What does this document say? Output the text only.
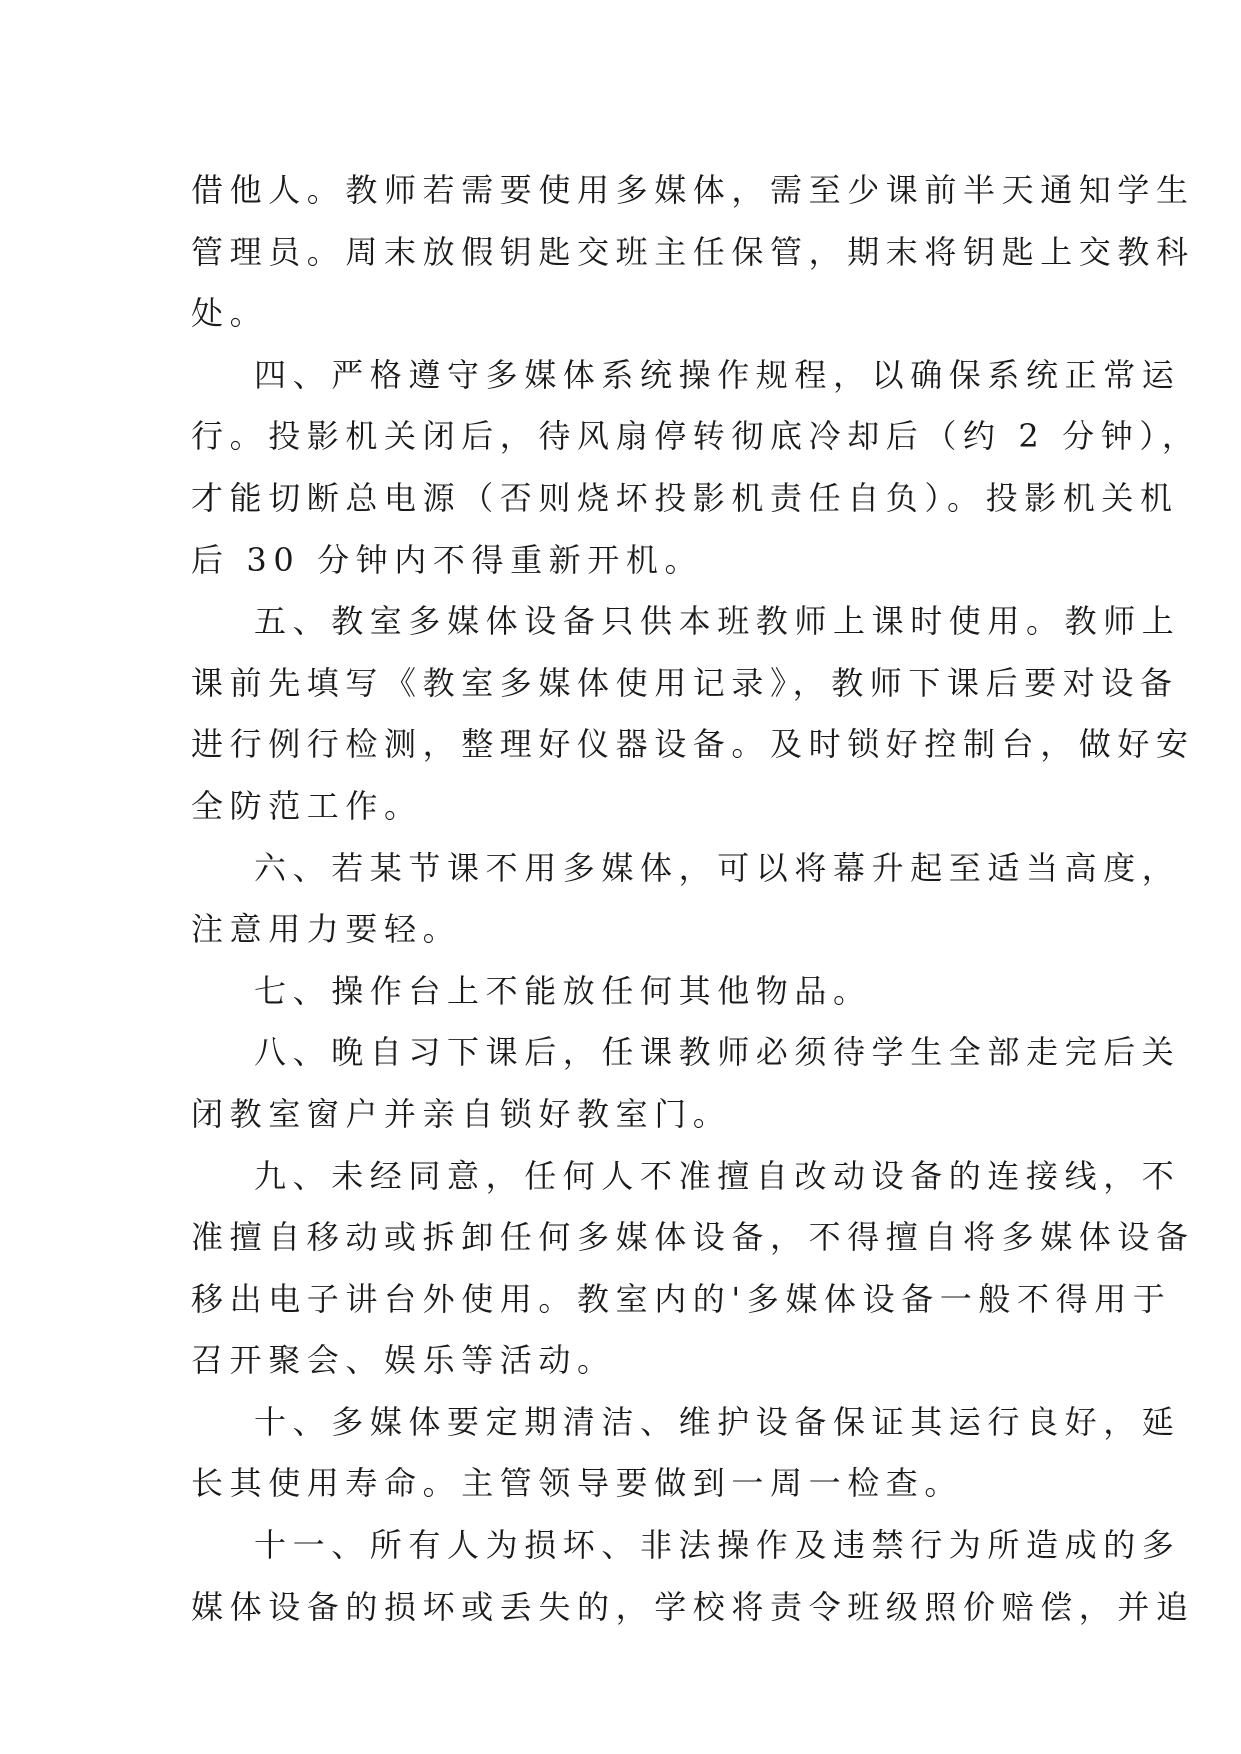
借他人。教师若需要使用多媒体，需至少课前半天通知学生
管理员。周末放假钥匙交班主任保管，期末将钥匙上交教科
处。
四、严格遵守多媒体系统操作规程，以确保系统正常运
行。投影机关闭后，待风扇停转彻底冷却后（约 2 分钟），
才能切断总电源（否则烧坏投影机责任自负）。投影机关机
后 30 分钟内不得重新开机。
五、教室多媒体设备只供本班教师上课时使用。教师上
课前先填写《教室多媒体使用记录》，教师下课后要对设备
进行例行检测，整理好仪器设备。及时锁好控制台，做好安
全防范工作。
六、若某节课不用多媒体，可以将幕升起至适当高度，
注意用力要轻。
七、操作台上不能放任何其他物品。
八、晚自习下课后，任课教师必须待学生全部走完后关
闭教室窗户并亲自锁好教室门。
九、未经同意，任何人不准擅自改动设备的连接线，不
准擅自移动或拆卸任何多媒体设备，不得擅自将多媒体设备
移出电子讲台外使用。教室内的'多媒体设备一般不得用于
召开聚会、娱乐等活动。
十、多媒体要定期清洁、维护设备保证其运行良好，延
长其使用寿命。主管领导要做到一周一检查。
十一、所有人为损坏、非法操作及违禁行为所造成的多
媒体设备的损坏或丢失的，学校将责令班级照价赔偿，并追
